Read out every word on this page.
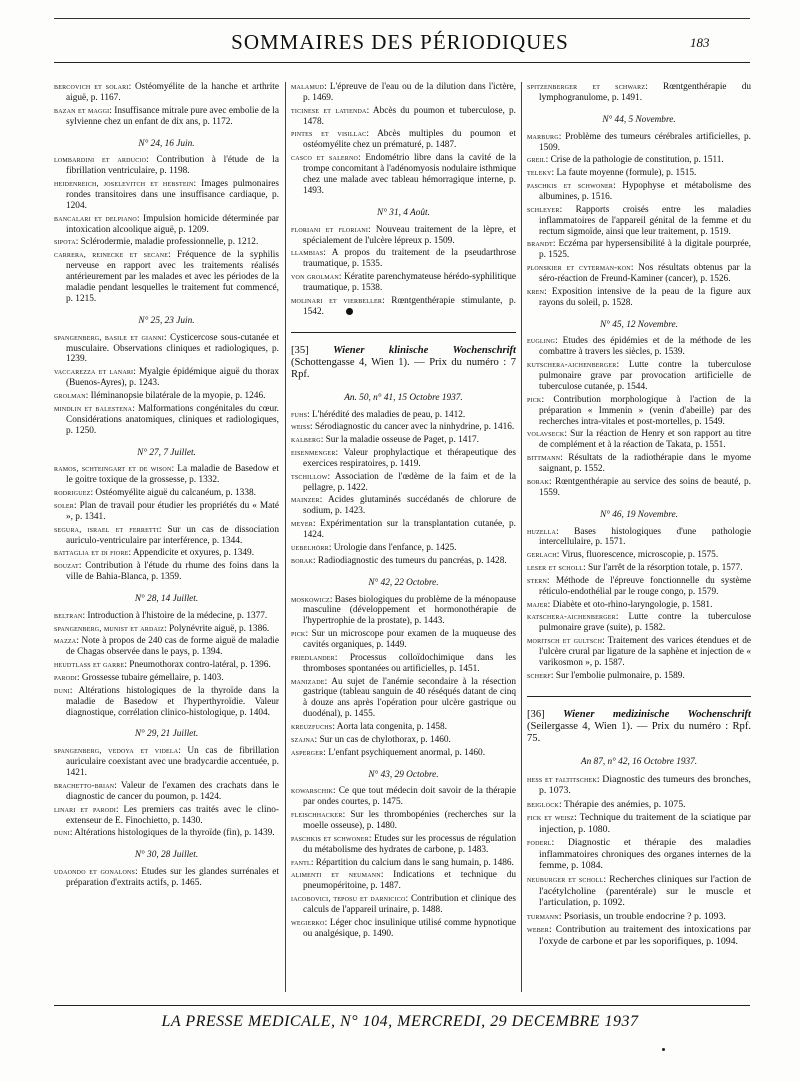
SOMMAIRES DES PÉRIODIQUES	183

bercovich et solari: Ostéomyélite de la hanche et arthrite aiguë, p. 1167.

bazan et maggi: Insuffisance mitrale pure avec embolie de la sylvienne chez un enfant de dix ans, p. 1172.

N° 24, 16 Juin.

lombardini et arducio: Contribution à l'étude de la fibrillation ventriculaire, p. 1198.

heidenreich, joselevitch et hebstein: Images pulmonaires rondes transitoires dans une insuffisance cardiaque, p. 1204.

bancalari et delpiano: Impulsion homicide déterminée par intoxication alcoolique aiguë, p. 1209.

sipota: Sclérodermie, maladie professionnelle, p. 1212.

carrera, reinecke et secane: Fréquence de la syphilis nerveuse en rapport avec les traitements réalisés antérieurement par les malades et avec les périodes de la maladie pendant lesquelles le traitement fut commencé, p. 1215.

N° 25, 23 Juin.

spangenberg, basile et gianni: Cysticercose sous-cutanée et musculaire. Observations cliniques et radiologiques, p. 1239.

vaccarezza et lanari: Myalgie épidémique aiguë du thorax (Buenos-Ayres), p. 1243.

grolman: Iléminanopsie bilatérale de la myopie, p. 1246.

mindlin et balestena: Malformations congénitales du cœur. Considérations anatomiques, cliniques et radiologiques, p. 1250.

N° 27, 7 Juillet.

ramos, schteingart et de wison: La maladie de Basedow et le goitre toxique de la grossesse, p. 1332.

rodriguez: Ostéomyélite aiguë du calcanéum, p. 1338.

soler: Plan de travail pour étudier les propriétés du « Maté », p. 1341.

segura, israel et ferretti: Sur un cas de dissociation auriculo-ventriculaire par interférence, p. 1344.

battaglia et di fiore: Appendicite et oxyures, p. 1349.

bouzat: Contribution à l'étude du rhume des foins dans la ville de Bahia-Blanca, p. 1359.

N° 28, 14 Juillet.

beltran: Introduction à l'histoire de la médecine, p. 1377.

spangenberg, munist et ardaiz: Polynévrite aiguë, p. 1386.

mazza: Note à propos de 240 cas de forme aiguë de maladie de Chagas observée dans le pays, p. 1394.

heudtlass et garre: Pneumothorax contro-latéral, p. 1396.

parodi: Grossesse tubaire gémellaire, p. 1403.

duni: Altérations histologiques de la thyroïde dans la maladie de Basedow et l'hyperthyroïdie. Valeur diagnostique, corrélation clinico-histologique, p. 1404.

N° 29, 21 Juillet.

spangenberg, vedoya et videla: Un cas de fibrillation auriculaire coexistant avec une bradycardie accentuée, p. 1421.

brachetto-brian: Valeur de l'examen des crachats dans le diagnostic de cancer du poumon, p. 1424.

linari et parodi: Les premiers cas traités avec le clino-extenseur de E. Finochietto, p. 1430.

duni: Altérations histologiques de la thyroïde (fin), p. 1439.

N° 30, 28 Juillet.

udaondo et gonalons: Etudes sur les glandes surrénales et préparation d'extraits actifs, p. 1465.

malamud: L'épreuve de l'eau ou de la dilution dans l'ictère, p. 1469.

ticinese et latienda: Abcès du poumon et tuberculose, p. 1478.

pintes et visillac: Abcès multiples du poumon et ostéomyélite chez un prématuré, p. 1487.

casco et salerno: Endométrio libre dans la cavité de la trompe concomitant à l'adénomyosis nodulaire isthmique chez une malade avec tableau hémorragique interne, p. 1493.

N° 31, 4 Août.

floriani et floriani: Nouveau traitement de la lèpre, et spécialement de l'ulcère lépreux p. 1509.

llambias: A propos du traitement de la pseudarthrose traumatique, p. 1535.

von grolman: Kératite parenchymateuse hérédo-syphilitique traumatique, p. 1538.

molinari et vierbeller: Rœntgenthérapie stimulante, p. 1542.

[35] Wiener klinische Wochenschrift (Schottengasse 4, Wien 1). — Prix du numéro : 7 Rpf.

An. 50, n° 41, 15 Octobre 1937.

fuhs: L'hérédité des maladies de peau, p. 1412.

weiss: Sérodiagnostic du cancer avec la ninhydrine, p. 1416.

kalberg: Sur la maladie osseuse de Paget, p. 1417.

eisenmenger: Valeur prophylactique et thérapeutique des exercices respiratoires, p. 1419.

tschillow: Association de l'œdème de la faim et de la pellagre, p. 1422.

mainzer: Acides glutaminés succédanés de chlorure de sodium, p. 1423.

meyer: Expérimentation sur la transplantation cutanée, p. 1424.

uebelhörr: Urologie dans l'enfance, p. 1425.

borak: Radiodiagnostic des tumeurs du pancréas, p. 1428.

N° 42, 22 Octobre.

moskowicz: Bases biologiques du problème de la ménopause masculine (développement et hormonothérapie de l'hypertrophie de la prostate), p. 1443.

pick: Sur un microscope pour examen de la muqueuse des cavités organiques, p. 1449.

friedlander: Processus colloïdochimique dans les thromboses spontanées ou artificielles, p. 1451.

manizade: Au sujet de l'anémie secondaire à la résection gastrique (tableau sanguin de 40 réséqués datant de cinq à douze ans après l'opération pour ulcère gastrique ou duodénal), p. 1455.

kreuzfuchs: Aorta lata congenita, p. 1458.

szajna: Sur un cas de chylothorax, p. 1460.

asperger: L'enfant psychiquement anormal, p. 1460.

N° 43, 29 Octobre.

kowarschik: Ce que tout médecin doit savoir de la thérapie par ondes courtes, p. 1475.

fleischhacker: Sur les thrombopénies (recherches sur la moelle osseuse), p. 1480.

paschkis et schwoner: Etudes sur les processus de régulation du métabolisme des hydrates de carbone, p. 1483.

fantl: Répartition du calcium dans le sang humain, p. 1486.

alimenti et neumann: Indications et technique du pneumopéritoine, p. 1487.

iacobovici, teposu et darnicico: Contribution et clinique des calculs de l'appareil urinaire, p. 1488.

wegierko: Léger choc insulinique utilisé comme hypnotique ou analgésique, p. 1490.

spitzenberger et schwarz: Rœntgenthérapie du lymphogranulome, p. 1491.

N° 44, 5 Novembre.

marburg: Problème des tumeurs cérébrales artificielles, p. 1509.

greil: Crise de la pathologie de constitution, p. 1511.

teleky: La faute moyenne (formule), p. 1515.

paschkis et schwoner: Hypophyse et métabolisme des albumines, p. 1516.

schleyer: Rapports croisés entre les maladies inflammatoires de l'appareil génital de la femme et du rectum sigmoïde, ainsi que leur traitement, p. 1519.

brandt: Eczéma par hypersensibilité à la digitale pourprée, p. 1525.

plonskier et cyterman-kon: Nos résultats obtenus par la séro-réaction de Freund-Kaminer (cancer), p. 1526.

kren: Exposition intensive de la peau de la figure aux rayons du soleil, p. 1528.

N° 45, 12 Novembre.

eugling: Etudes des épidémies et de la méthode de les combattre à travers les siècles, p. 1539.

kutschera-aichenberger: Lutte contre la tuberculose pulmonaire grave par provocation artificielle de tuberculose cutanée, p. 1544.

pick: Contribution morphologique à l'action de la préparation « Immenin » (venin d'abeille) par des recherches intra-vitales et post-mortelles, p. 1549.

volavseck: Sur la réaction de Henry et son rapport au titre de complément et à la réaction de Takata, p. 1551.

bittmann: Résultats de la radiothérapie dans le myome saignant, p. 1552.

borak: Rœntgenthérapie au service des soins de beauté, p. 1559.

N° 46, 19 Novembre.

huzella: Bases histologiques d'une pathologie intercellulaire, p. 1571.

gerlach: Virus, fluorescence, microscopie, p. 1575.

leser et scholl: Sur l'arrêt de la résorption totale, p. 1577.

stern: Méthode de l'épreuve fonctionnelle du système réticulo-endothélial par le rouge congo, p. 1579.

majer: Diabète et oto-rhino-laryngologie, p. 1581.

katschera-aichenberger: Lutte contre la tuberculose pulmonaire grave (suite), p. 1582.

moritsch et gultsch: Traitement des varices étendues et de l'ulcère crural par ligature de la saphène et injection de « varikosmon », p. 1587.

scherf: Sur l'embolie pulmonaire, p. 1589.

[36] Wiener medizinische Wochenschrift (Seilergasse 4, Wien 1). — Prix du numéro : Rpf. 75.

An 87, n° 42, 16 Octobre 1937.

hess et faltitschek: Diagnostic des tumeurs des bronches, p. 1073.

beiglock: Thérapie des anémies, p. 1075.

fick et weisz: Technique du traitement de la sciatique par injection, p. 1080.

foderl: Diagnostic et thérapie des maladies inflammatoires chroniques des organes internes de la femme, p. 1084.

neuburger et scholl: Recherches cliniques sur l'action de l'acétylcholine (parentérale) sur le muscle et l'articulation, p. 1092.

turmann: Psoriasis, un trouble endocrine ? p. 1093.

weber: Contribution au traitement des intoxications par l'oxyde de carbone et par les soporifiques, p. 1094.

LA PRESSE MEDICALE, N° 104, MERCREDI, 29 DECEMBRE 1937
